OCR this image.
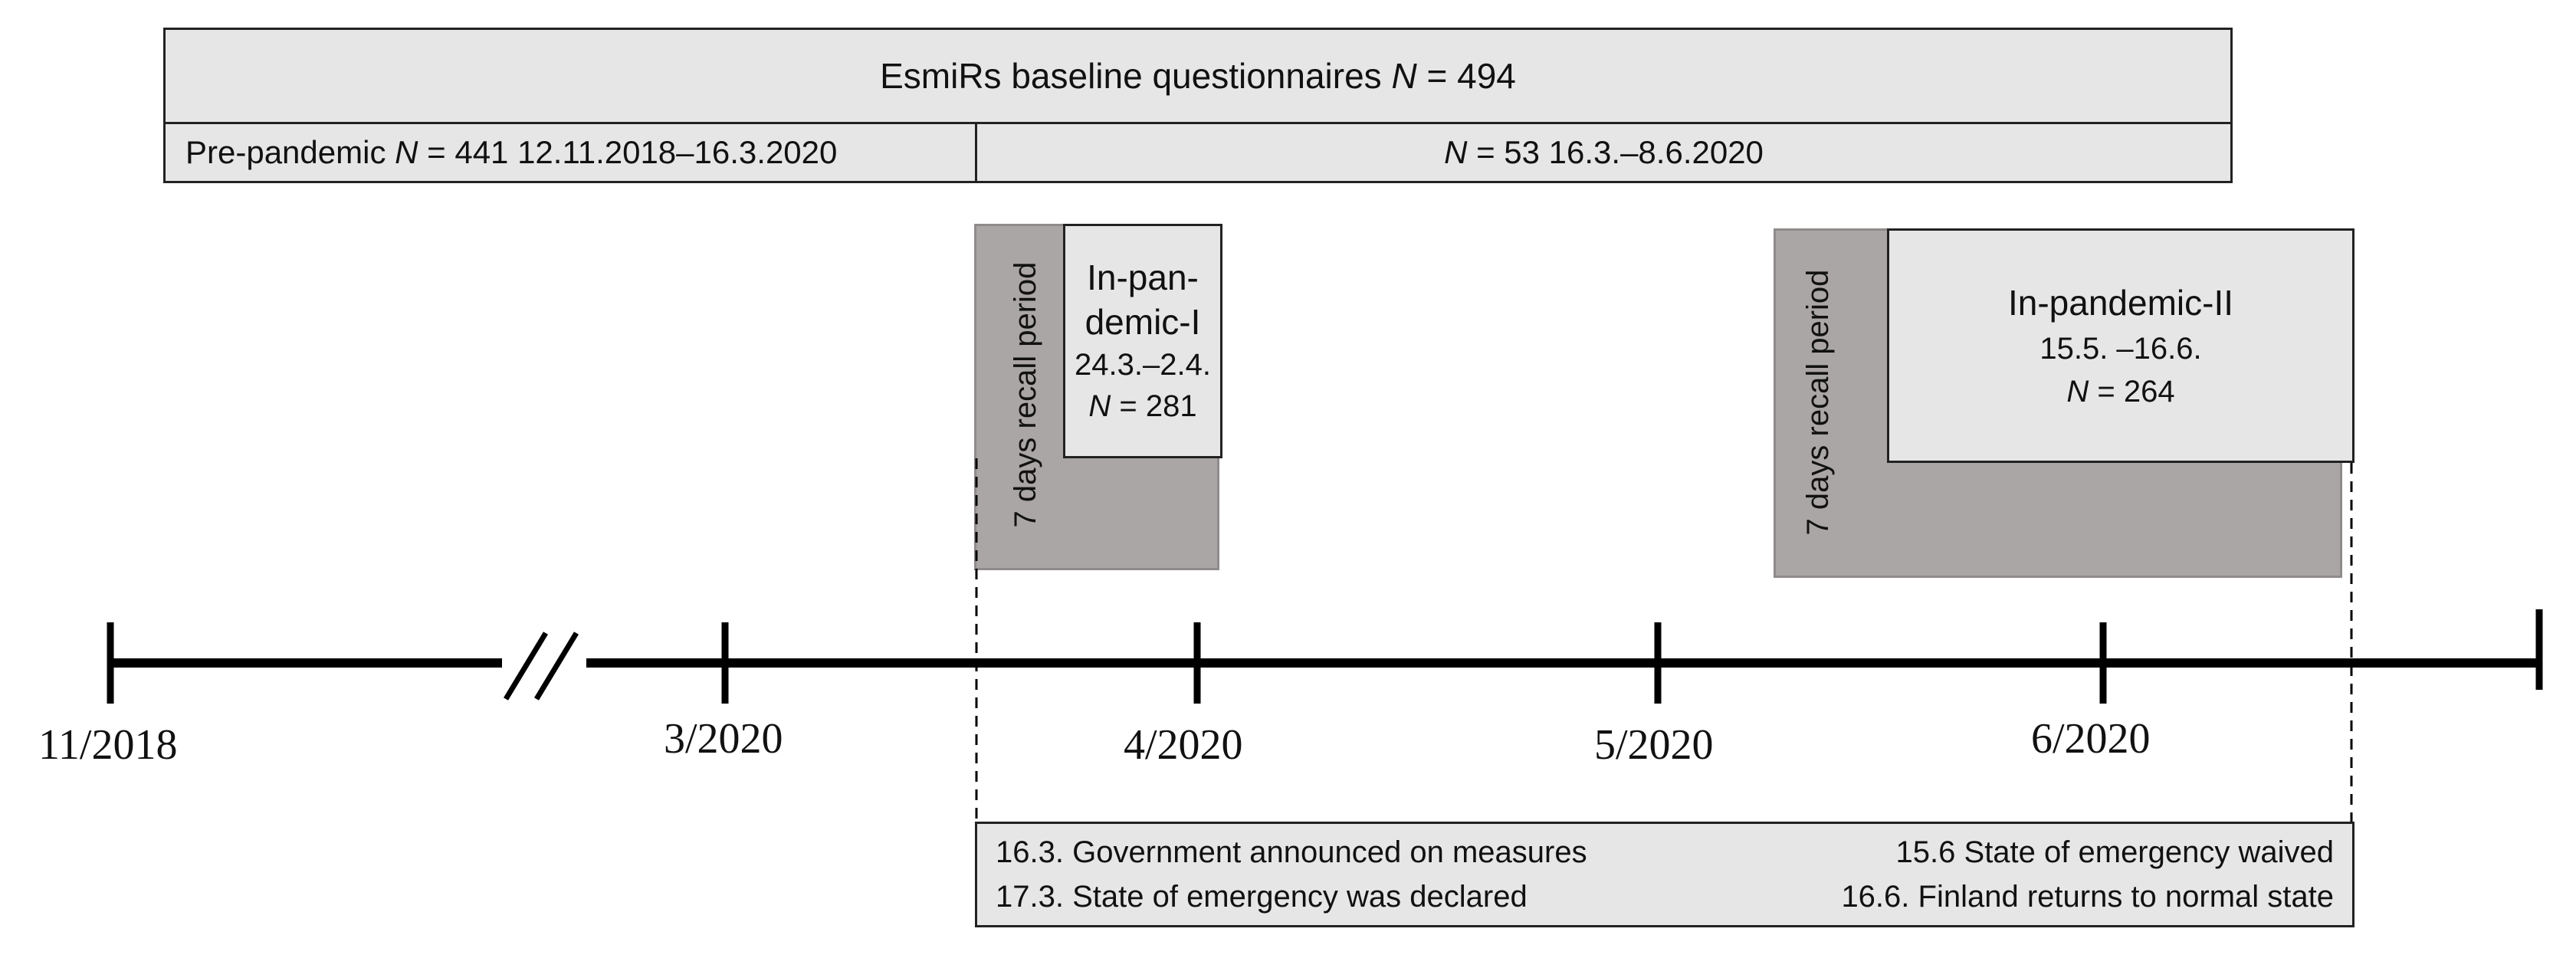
EsmiRs baseline questionnaires N = 494
Pre-pandemic N = 441 12.11.2018–16.3.2020	N = 53 16.3.–8.6.2020
7 days recall period In-pan-
demic-I
24.3.–2.4.
N = 281	7 days recall period	In-pandemic-II
15.5. –16.6.
N = 264
11/2018	3/2020	4/2020	5/2020	6/2020
16.3. Government announced on measures	15.6 State of emergency waived
17.3. State of emergency was declared	16.6. Finland returns to normal state
